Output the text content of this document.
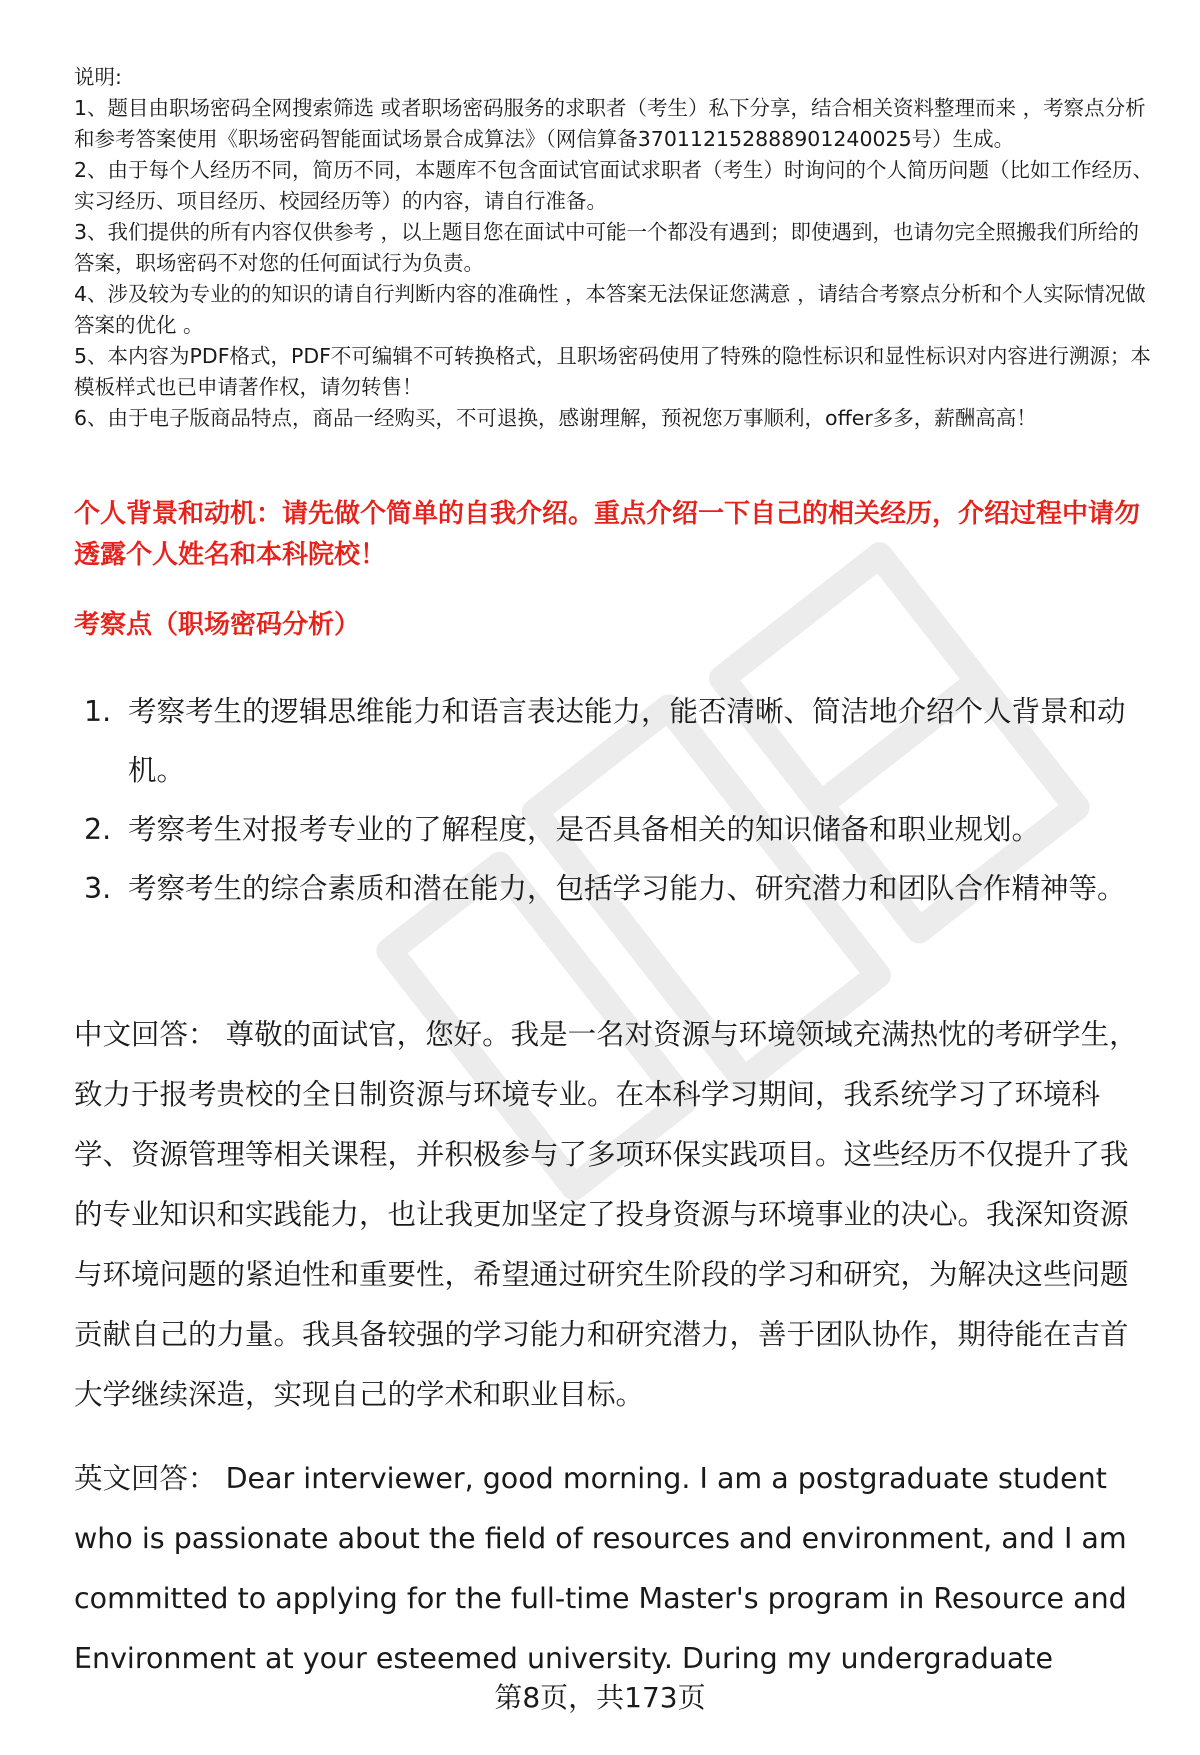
说明:

1、题目由职场密码全网搜索筛选 或者职场密码服务的求职者（考生）私下分享，结合相关资料整理而来 ，考察点分析和参考答案使用《职场密码智能面试场景合成算法》（网信算备370112152888901240025号）生成。

2、由于每个人经历不同，简历不同，本题库不包含面试官面试求职者（考生）时询问的个人简历问题（比如工作经历、实习经历、项目经历、校园经历等）的内容，请自行准备。

3、我们提供的所有内容仅供参考 ，以上题目您在面试中可能一个都没有遇到；即使遇到，也请勿完全照搬我们所给的答案，职场密码不对您的任何面试行为负责。

4、涉及较为专业的的知识的请自行判断内容的准确性 ，本答案无法保证您满意 ，请结合考察点分析和个人实际情况做答案的优化 。

5、本内容为PDF格式，PDF不可编辑不可转换格式，且职场密码使用了特殊的隐性标识和显性标识对内容进行溯源；本模板样式也已申请著作权，请勿转售！

6、由于电子版商品特点，商品一经购买，不可退换，感谢理解，预祝您万事顺利，offer多多，薪酬高高！

个人背景和动机：请先做个简单的自我介绍。重点介绍一下自己的相关经历，介绍过程中请勿透露个人姓名和本科院校！

考察点（职场密码分析）

1. 考察考生的逻辑思维能力和语言表达能力，能否清晰、简洁地介绍个人背景和动机。
2. 考察考生对报考专业的了解程度，是否具备相关的知识储备和职业规划。
3. 考察考生的综合素质和潜在能力，包括学习能力、研究潜力和团队合作精神等。

中文回答： 尊敬的面试官，您好。我是一名对资源与环境领域充满热忱的考研学生，致力于报考贵校的全日制资源与环境专业。在本科学习期间，我系统学习了环境科学、资源管理等相关课程，并积极参与了多项环保实践项目。这些经历不仅提升了我的专业知识和实践能力，也让我更加坚定了投身资源与环境事业的决心。我深知资源与环境问题的紧迫性和重要性，希望通过研究生阶段的学习和研究，为解决这些问题贡献自己的力量。我具备较强的学习能力和研究潜力，善于团队协作，期待能在吉首大学继续深造，实现自己的学术和职业目标。

英文回答： Dear interviewer, good morning. I am a postgraduate student who is passionate about the field of resources and environment, and I am committed to applying for the full-time Master's program in Resource and Environment at your esteemed university. During my undergraduate

第8页，共173页
